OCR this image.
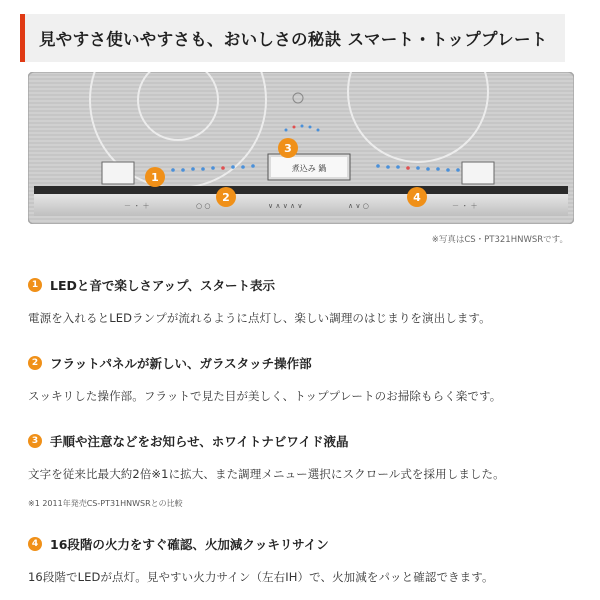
見やすさ使いやすさも、おいしさの秘訣 スマート・トッププレート
煮込み 鍋
－ ・ ＋	○ ○	∨ ∧ ∨ ∧ ∨	∧ ∨ ○	－ ・ ＋
1
2
3
4
※写真はCS・PT321HNWSRです。
1 LEDと音で楽しさアップ、スタート表示
電源を入れるとLEDランプが流れるように点灯し、楽しい調理のはじまりを演出します。
2 フラットパネルが新しい、ガラスタッチ操作部
スッキリした操作部。フラットで見た目が美しく、トッププレートのお掃除もらく楽です。
3 手順や注意などをお知らせ、ホワイトナビワイド液晶
文字を従来比最大約2倍※1に拡大、また調理メニュー選択にスクロール式を採用しました。
※1 2011年発売CS-PT31HNWSRとの比較
4 16段階の火力をすぐ確認、火加減クッキリサイン
16段階でLEDが点灯。見やすい火力サイン（左右IH）で、火加減をパッと確認できます。
